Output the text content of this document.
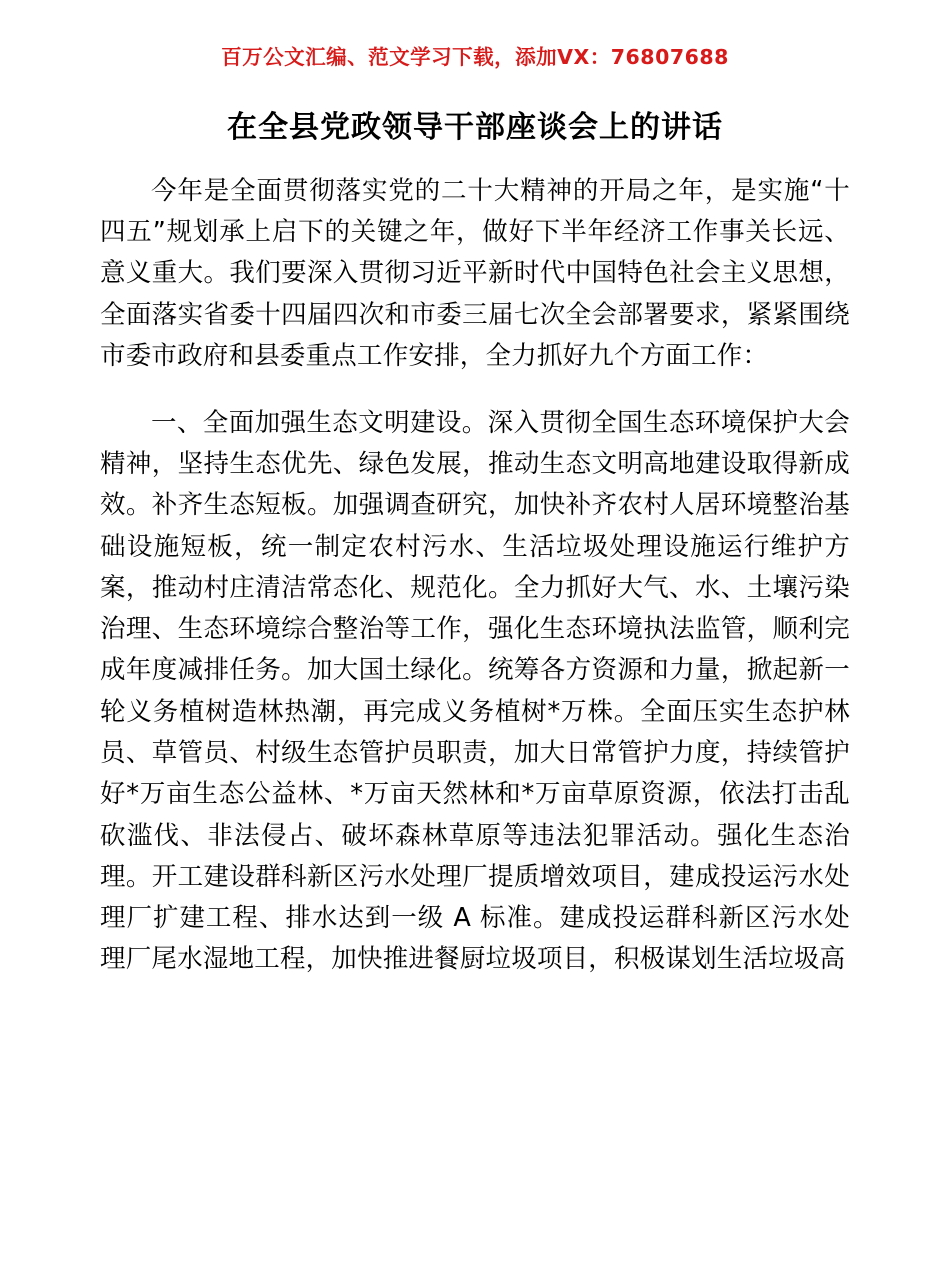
百万公文汇编、范文学习下载，添加VX：76807688
在全县党政领导干部座谈会上的讲话

今年是全面贯彻落实党的二十大精神的开局之年，是实施“十四五”规划承上启下的关键之年，做好下半年经济工作事关长远、意义重大。我们要深入贯彻习近平新时代中国特色社会主义思想，全面落实省委十四届四次和市委三届七次全会部署要求，紧紧围绕市委市政府和县委重点工作安排，全力抓好九个方面工作：

一、全面加强生态文明建设。深入贯彻全国生态环境保护大会精神，坚持生态优先、绿色发展，推动生态文明高地建设取得新成效。补齐生态短板。加强调查研究，加快补齐农村人居环境整治基础设施短板，统一制定农村污水、生活垃圾处理设施运行维护方案，推动村庄清洁常态化、规范化。全力抓好大气、水、土壤污染治理、生态环境综合整治等工作，强化生态环境执法监管，顺利完成年度减排任务。加大国土绿化。统筹各方资源和力量，掀起新一轮义务植树造林热潮，再完成义务植树*万株。全面压实生态护林员、草管员、村级生态管护员职责，加大日常管护力度，持续管护好*万亩生态公益林、*万亩天然林和*万亩草原资源，依法打击乱砍滥伐、非法侵占、破坏森林草原等违法犯罪活动。强化生态治理。开工建设群科新区污水处理厂提质增效项目，建成投运污水处理厂扩建工程、排水达到一级 A 标准。建成投运群科新区污水处理厂尾水湿地工程，加快推进餐厨垃圾项目，积极谋划生活垃圾高
